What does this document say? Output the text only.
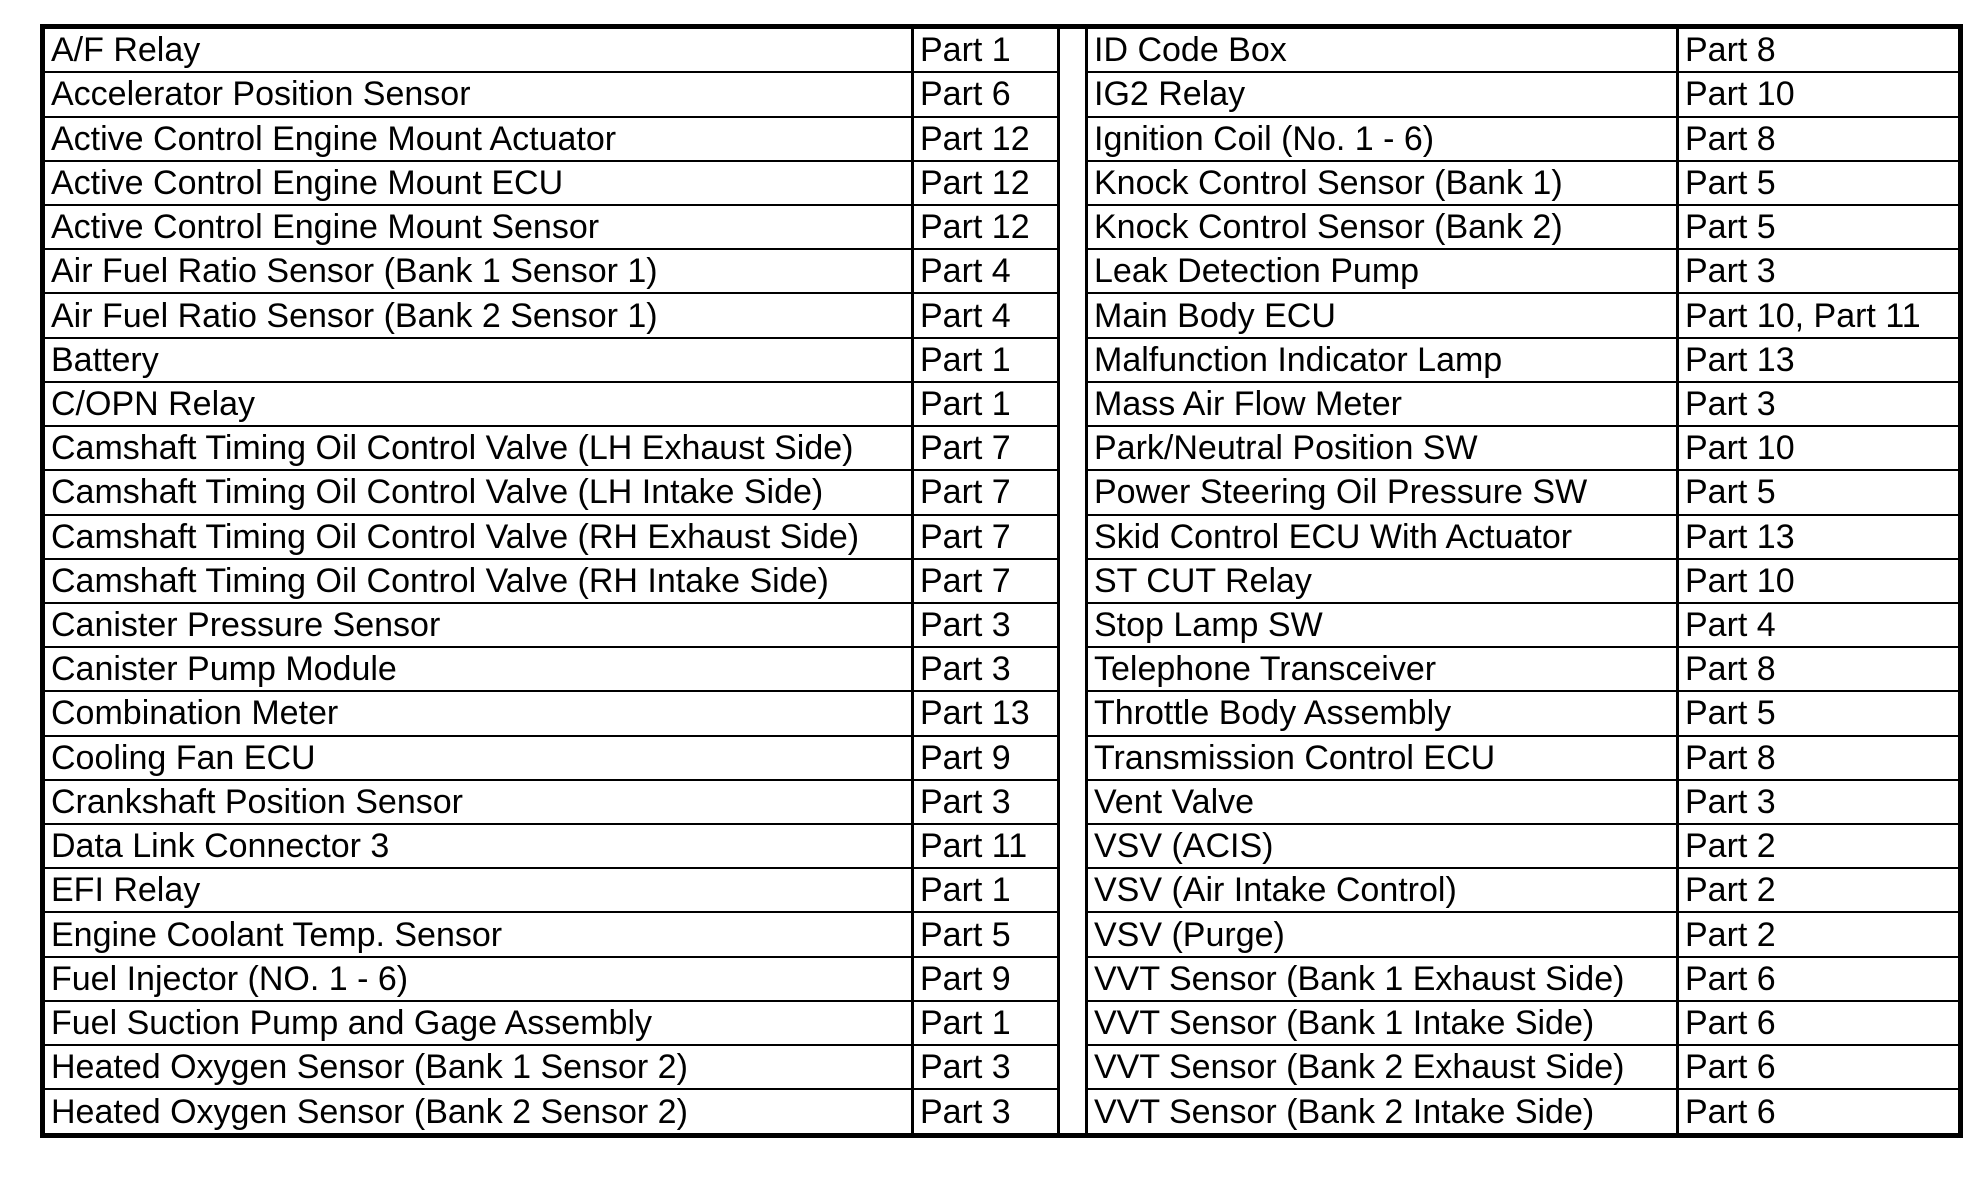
A/F Relay	Part 1		ID Code Box	Part 8
Accelerator Position Sensor	Part 6		IG2 Relay	Part 10
Active Control Engine Mount Actuator	Part 12		Ignition Coil (No. 1 - 6)	Part 8
Active Control Engine Mount ECU	Part 12		Knock Control Sensor (Bank 1)	Part 5
Active Control Engine Mount Sensor	Part 12		Knock Control Sensor (Bank 2)	Part 5
Air Fuel Ratio Sensor (Bank 1 Sensor 1)	Part 4		Leak Detection Pump	Part 3
Air Fuel Ratio Sensor (Bank 2 Sensor 1)	Part 4		Main Body ECU	Part 10, Part 11
Battery	Part 1		Malfunction Indicator Lamp	Part 13
C/OPN Relay	Part 1		Mass Air Flow Meter	Part 3
Camshaft Timing Oil Control Valve (LH Exhaust Side)	Part 7		Park/Neutral Position SW	Part 10
Camshaft Timing Oil Control Valve (LH Intake Side)	Part 7		Power Steering Oil Pressure SW	Part 5
Camshaft Timing Oil Control Valve (RH Exhaust Side)	Part 7		Skid Control ECU With Actuator	Part 13
Camshaft Timing Oil Control Valve (RH Intake Side)	Part 7		ST CUT Relay	Part 10
Canister Pressure Sensor	Part 3		Stop Lamp SW	Part 4
Canister Pump Module	Part 3		Telephone Transceiver	Part 8
Combination Meter	Part 13		Throttle Body Assembly	Part 5
Cooling Fan ECU	Part 9		Transmission Control ECU	Part 8
Crankshaft Position Sensor	Part 3		Vent Valve	Part 3
Data Link Connector 3	Part 11		VSV (ACIS)	Part 2
EFI Relay	Part 1		VSV (Air Intake Control)	Part 2
Engine Coolant Temp. Sensor	Part 5		VSV (Purge)	Part 2
Fuel Injector (NO. 1 - 6)	Part 9		VVT Sensor (Bank 1 Exhaust Side)	Part 6
Fuel Suction Pump and Gage Assembly	Part 1		VVT Sensor (Bank 1 Intake Side)	Part 6
Heated Oxygen Sensor (Bank 1 Sensor 2)	Part 3		VVT Sensor (Bank 2 Exhaust Side)	Part 6
Heated Oxygen Sensor (Bank 2 Sensor 2)	Part 3		VVT Sensor (Bank 2 Intake Side)	Part 6
